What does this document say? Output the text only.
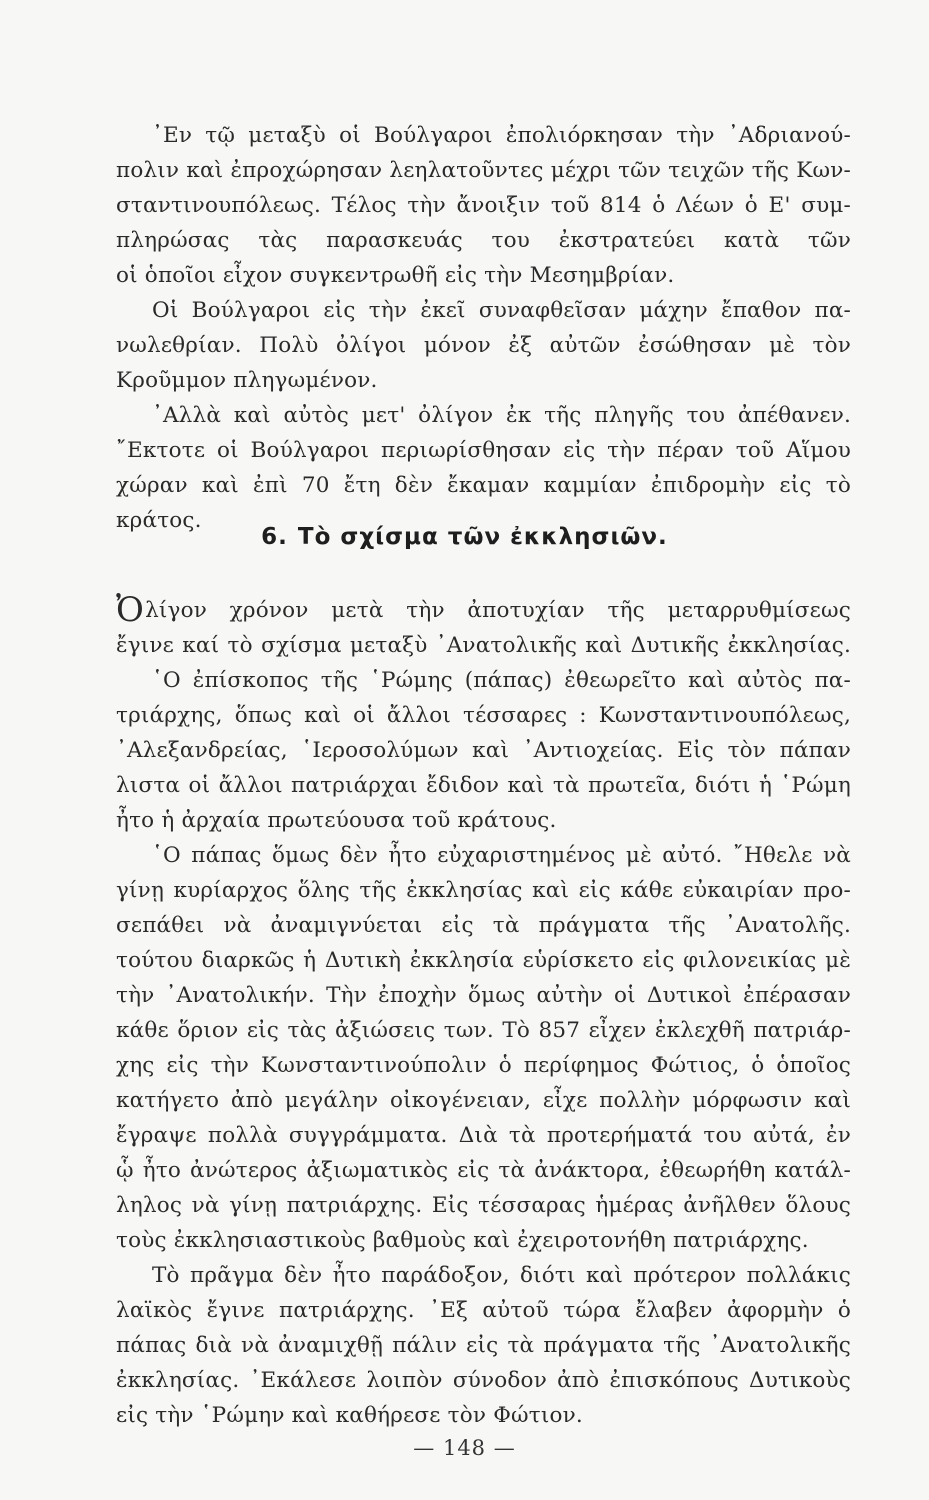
᾿Εν τῷ μεταξὺ οἱ Βούλγαροι ἐπολιόρκησαν τὴν ᾿Αδριανού-
πολιν καὶ ἐπροχώρησαν λεηλατοῦντες μέχρι τῶν τειχῶν τῆς Κων-
σταντινουπόλεως. Τέλος τὴν ἄνοιξιν τοῦ 814 ὁ Λέων ὁ Ε' συμ-
πληρώσας τὰς παρασκευάς του ἐκστρατεύει κατὰ τῶν
οἱ ὁποῖοι εἶχον συγκεντρωθῆ εἰς τὴν Μεσημβρίαν.
Οἱ Βούλγαροι εἰς τὴν ἐκεῖ συναφθεῖσαν μάχην ἔπαθον πα-
νωλεθρίαν. Πολὺ ὀλίγοι μόνον ἐξ αὐτῶν ἐσώθησαν μὲ τὸν
Κροῦμμον πληγωμένον.
᾿Αλλὰ καὶ αὐτὸς μετ' ὀλίγον ἐκ τῆς πληγῆς του ἀπέθανεν.
῎Εκτοτε οἱ Βούλγαροι περιωρίσθησαν εἰς τὴν πέραν τοῦ Αἵμου
χώραν καὶ ἐπὶ 70 ἔτη δὲν ἔκαμαν καμμίαν ἐπιδρομὴν εἰς τὸ
κράτος.
6. Τὸ σχίσμα τῶν ἐκκλησιῶν.
Ὀλίγον χρόνον μετὰ τὴν ἀποτυχίαν τῆς μεταρρυθμίσεως
ἔγινε καί τὸ σχίσμα μεταξὺ ᾿Ανατολικῆς καὶ Δυτικῆς ἐκκλησίας.
῾Ο ἐπίσκοπος τῆς ῾Ρώμης (πάπας) ἐθεωρεῖτο καὶ αὐτὸς πα-
τριάρχης, ὅπως καὶ οἱ ἄλλοι τέσσαρες : Κωνσταντινουπόλεως,
᾿Αλεξανδρείας, ῾Ιεροσολύμων καὶ ᾿Αντιοχείας. Εἰς τὸν πάπαν
λιστα οἱ ἄλλοι πατριάρχαι ἔδιδον καὶ τὰ πρωτεῖα, διότι ἡ ῾Ρώμη
ἦτο ἡ ἀρχαία πρωτεύουσα τοῦ κράτους.
῾Ο πάπας ὅμως δὲν ἦτο εὐχαριστημένος μὲ αὐτό. ῎Ηθελε νὰ
γίνῃ κυρίαρχος ὅλης τῆς ἐκκλησίας καὶ εἰς κάθε εὐκαιρίαν προ-
σεπάθει νὰ ἀναμιγνύεται εἰς τὰ πράγματα τῆς ᾿Ανατολῆς.
τούτου διαρκῶς ἡ Δυτικὴ ἐκκλησία εὑρίσκετο εἰς φιλονεικίας μὲ
τὴν ᾿Ανατολικήν. Τὴν ἐποχὴν ὅμως αὐτὴν οἱ Δυτικοὶ ἐπέρασαν
κάθε ὅριον εἰς τὰς ἀξιώσεις των. Τὸ 857 εἶχεν ἐκλεχθῆ πατριάρ-
χης εἰς τὴν Κωνσταντινούπολιν ὁ περίφημος Φώτιος, ὁ ὁποῖος
κατήγετο ἀπὸ μεγάλην οἰκογένειαν, εἶχε πολλὴν μόρφωσιν καὶ
ἔγραψε πολλὰ συγγράμματα. Διὰ τὰ προτερήματά του αὐτά, ἐν
ᾧ ἦτο ἀνώτερος ἀξιωματικὸς εἰς τὰ ἀνάκτορα, ἐθεωρήθη κατάλ-
ληλος νὰ γίνῃ πατριάρχης. Εἰς τέσσαρας ἡμέρας ἀνῆλθεν ὅλους
τοὺς ἐκκλησιαστικοὺς βαθμοὺς καὶ ἐχειροτονήθη πατριάρχης.
Τὸ πρᾶγμα δὲν ἦτο παράδοξον, διότι καὶ πρότερον πολλάκις
λαϊκὸς ἔγινε πατριάρχης. ᾿Εξ αὐτοῦ τώρα ἔλαβεν ἀφορμὴν ὁ
πάπας διὰ νὰ ἀναμιχθῇ πάλιν εἰς τὰ πράγματα τῆς ᾿Ανατολικῆς
ἐκκλησίας. ᾿Εκάλεσε λοιπὸν σύνοδον ἀπὸ ἐπισκόπους Δυτικοὺς
εἰς τὴν ῾Ρώμην καὶ καθήρεσε τὸν Φώτιον.
— 148 —
